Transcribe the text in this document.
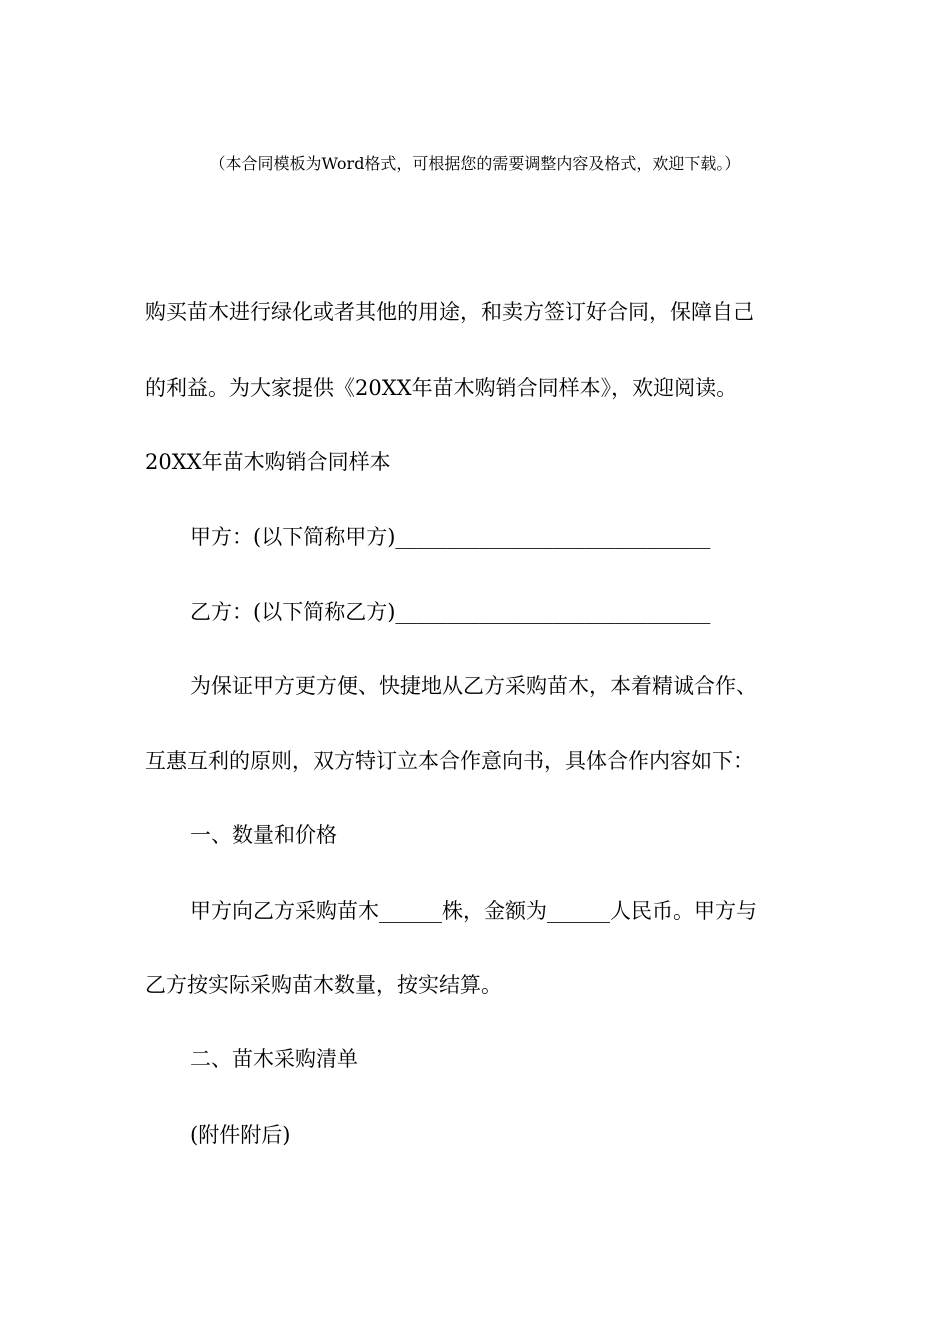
（本合同模板为Word格式，可根据您的需要调整内容及格式，欢迎下载。）
购买苗木进行绿化或者其他的用途，和卖方签订好合同，保障自己
的利益。为大家提供《20XX年苗木购销合同样本》，欢迎阅读。
20XX年苗木购销合同样本
甲方：(以下简称甲方)______________________________
乙方：(以下简称乙方)______________________________
为保证甲方更方便、快捷地从乙方采购苗木，本着精诚合作、
互惠互利的原则，双方特订立本合作意向书，具体合作内容如下：
一、数量和价格
甲方向乙方采购苗木______株，金额为______人民币。甲方与
乙方按实际采购苗木数量，按实结算。
二、苗木采购清单
(附件附后)
